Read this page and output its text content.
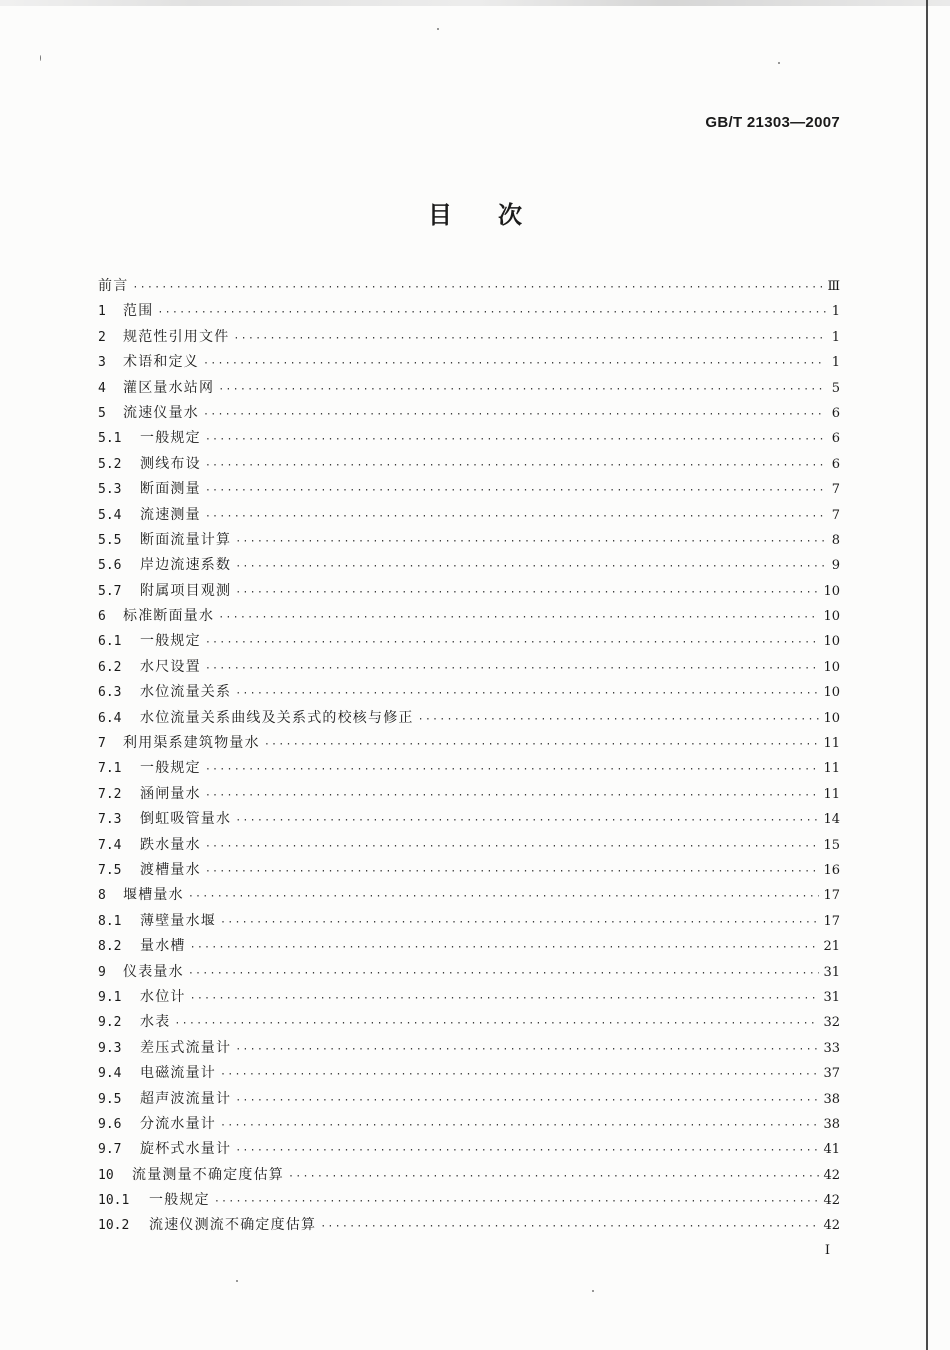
GB/T 21303—2007
目次
前言 ·····	Ⅲ
1	范围 ·····	1
2	规范性引用文件 ·····	1
3	术语和定义 ·····	1
4	灌区量水站网 ·····	5
5	流速仪量水 ·····	6
5.1	一般规定 ·····	6
5.2	测线布设 ·····	6
5.3	断面测量 ·····	7
5.4	流速测量 ·····	7
5.5	断面流量计算 ·····	8
5.6	岸边流速系数 ·····	9
5.7	附属项目观测 ·····	10
6	标准断面量水 ·····	10
6.1	一般规定 ·····	10
6.2	水尺设置 ·····	10
6.3	水位流量关系 ·····	10
6.4	水位流量关系曲线及关系式的校核与修正 ·····	10
7	利用渠系建筑物量水 ·····	11
7.1	一般规定 ·····	11
7.2	涵闸量水 ·····	11
7.3	倒虹吸管量水 ·····	14
7.4	跌水量水 ·····	15
7.5	渡槽量水 ·····	16
8	堰槽量水 ·····	17
8.1	薄壁量水堰 ·····	17
8.2	量水槽 ·····	21
9	仪表量水 ·····	31
9.1	水位计 ·····	31
9.2	水表 ·····	32
9.3	差压式流量计 ·····	33
9.4	电磁流量计 ·····	37
9.5	超声波流量计 ·····	38
9.6	分流水量计 ·····	38
9.7	旋杯式水量计 ·····	41
10	流量测量不确定度估算 ·····	42
10.1	一般规定 ·····	42
10.2	流速仪测流不确定度估算 ·····	42
I
